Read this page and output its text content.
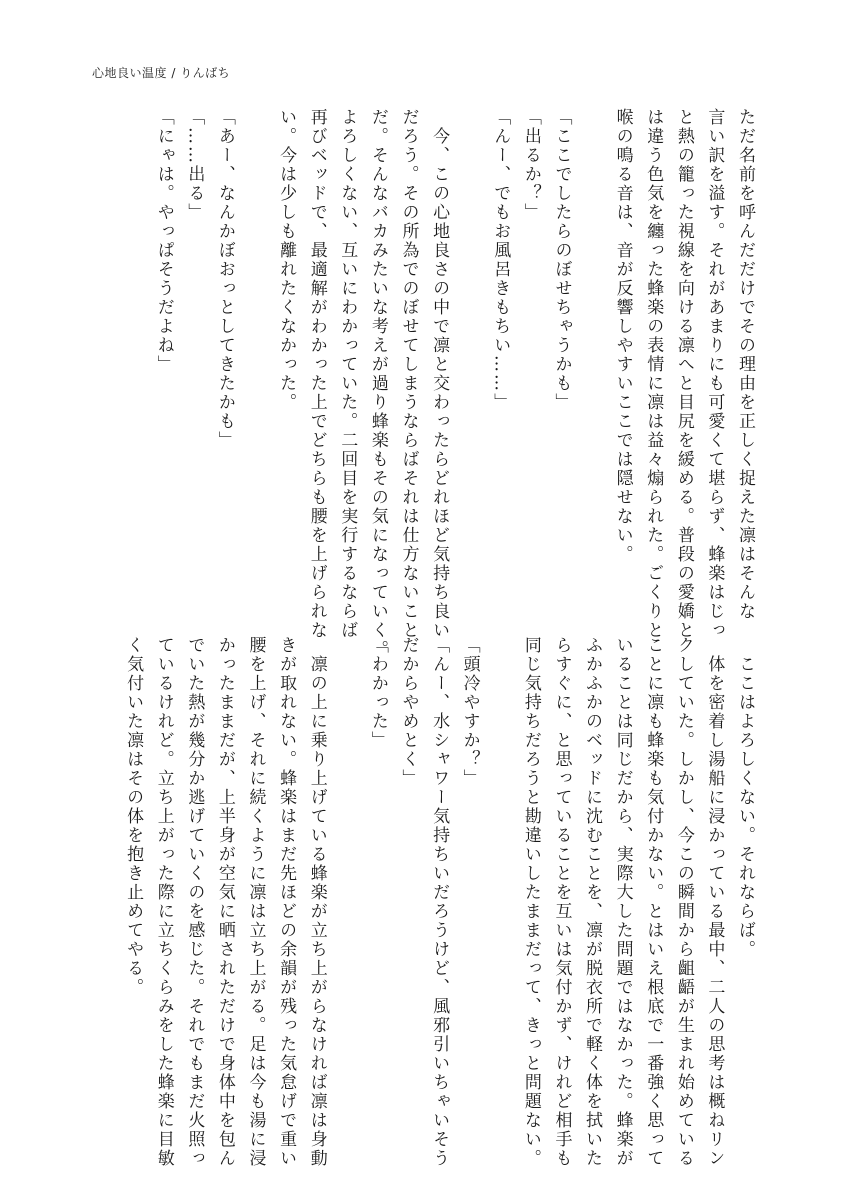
心地良い温度 / りんばち
ただ名前を呼んだだけでその理由を正しく捉えた凛はそんな
言い訳を溢す。それがあまりにも可愛くて堪らず、蜂楽はじっ
と熱の籠った視線を向ける凛へと目尻を緩める。普段の愛嬌と
は違う色気を纏った蜂楽の表情に凛は益々煽られた。ごくりと
喉の鳴る音は、音が反響しやすいここでは隠せない。
「ここでしたらのぼせちゃうかも」
「出るか？」
「んー、でもお風呂きもちい……」
　今、この心地良さの中で凛と交わったらどれほど気持ち良い
だろう。その所為でのぼせてしまうならばそれは仕方ないこと
だ。そんなバカみたいな考えが過り蜂楽もその気になっていく。
よろしくない、互いにわかっていた。二回目を実行するならば
再びベッドで、最適解がわかった上でどちらも腰を上げられな
い。今は少しも離れたくなかった。
「あー、なんかぼおっとしてきたかも」
「……出る」
「にゃは。やっぱそうだよね」
　ここはよろしくない。それならば。
　体を密着し湯船に浸かっている最中、二人の思考は概ねリン
クしていた。しかし、今この瞬間から齟齬が生まれ始めている
ことに凛も蜂楽も気付かない。とはいえ根底で一番強く思って
いることは同じだから、実際大した問題ではなかった。蜂楽が
ふかふかのベッドに沈むことを、凛が脱衣所で軽く体を拭いた
らすぐに、と思っていることを互いは気付かず、けれど相手も
同じ気持ちだろうと勘違いしたままだって、きっと問題ない。
「頭冷やすか？」
「んー、水シャワー気持ちいだろうけど、風邪引いちゃいそう
だからやめとく」
「わかった」
　凛の上に乗り上げている蜂楽が立ち上がらなければ凛は身動
きが取れない。蜂楽はまだ先ほどの余韻が残った気怠げで重い
腰を上げ、それに続くように凛は立ち上がる。足は今も湯に浸
かったままだが、上半身が空気に晒されただけで身体中を包ん
でいた熱が幾分か逃げていくのを感じた。それでもまだ火照っ
ているけれど。立ち上がった際に立ちくらみをした蜂楽に目敏
く気付いた凛はその体を抱き止めてやる。
